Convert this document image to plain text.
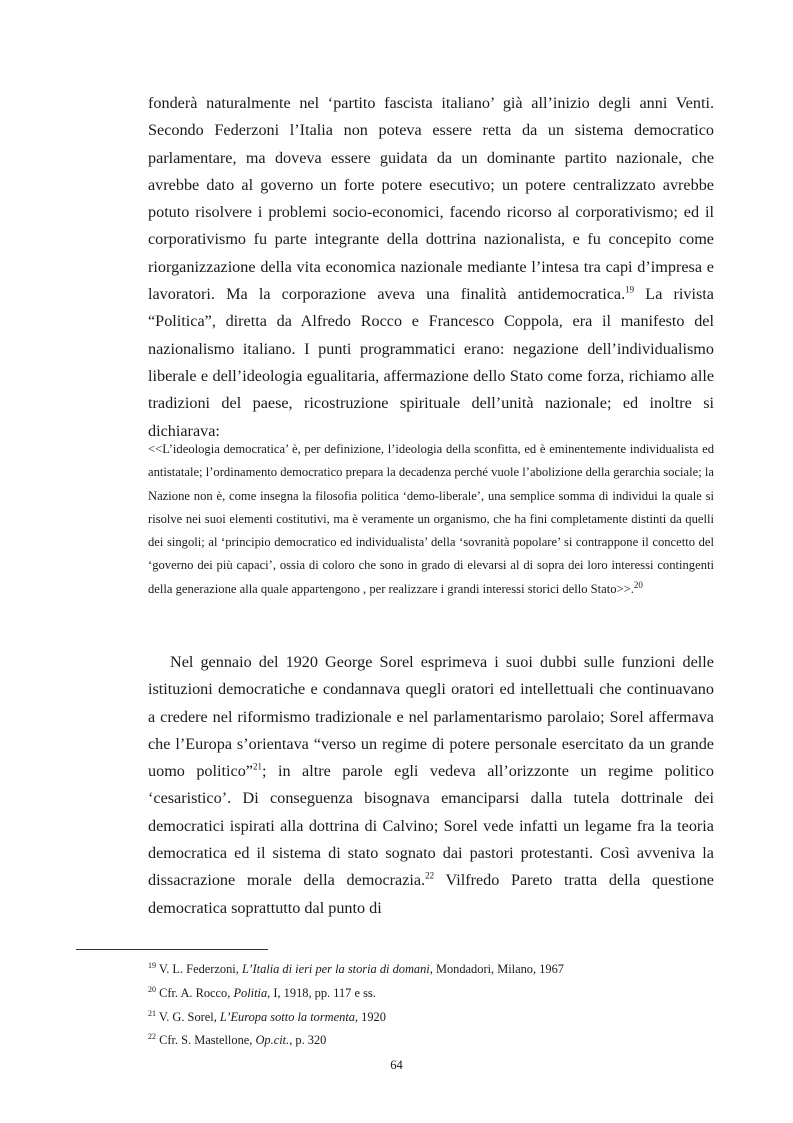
fonderà naturalmente nel ‘partito fascista italiano’ già all’inizio degli anni Venti. Secondo Federzoni l’Italia non poteva essere retta da un sistema democratico parlamentare, ma doveva essere guidata da un dominante partito nazionale, che avrebbe dato al governo un forte potere esecutivo; un potere centralizzato avrebbe potuto risolvere i problemi socio-economici, facendo ricorso al corporativismo; ed il corporativismo fu parte integrante della dottrina nazionalista, e fu concepito come riorganizzazione della vita economica nazionale mediante l’intesa tra capi d’impresa e lavoratori. Ma la corporazione aveva una finalità antidemocratica.$^{19}$ La rivista “Politica”, diretta da Alfredo Rocco e Francesco Coppola, era il manifesto del nazionalismo italiano. I punti programmatici erano: negazione dell’individualismo liberale e dell’ideologia egualitaria, affermazione dello Stato come forza, richiamo alle tradizioni del paese, ricostruzione spirituale dell’unità nazionale; ed inoltre si dichiarava:

<<L’ideologia democratica’ è, per definizione, l’ideologia della sconfitta, ed è eminentemente individualista ed antistatale; l’ordinamento democratico prepara la decadenza perché vuole l’abolizione della gerarchia sociale; la Nazione non è, come insegna la filosofia politica ‘demo-liberale’, una semplice somma di individui la quale si risolve nei suoi elementi costitutivi, ma è veramente un organismo, che ha fini completamente distinti da quelli dei singoli; al ‘principio democratico ed individualista’ della ‘sovranità popolare’ si contrappone il concetto del ‘governo dei più capaci’, ossia di coloro che sono in grado di elevarsi al di sopra dei loro interessi contingenti della generazione alla quale appartengono , per realizzare i grandi interessi storici dello Stato>>.$^{20}$

Nel gennaio del 1920 George Sorel esprimeva i suoi dubbi sulle funzioni delle istituzioni democratiche e condannava quegli oratori ed intellettuali che continuavano a credere nel riformismo tradizionale e nel parlamentarismo parolaio; Sorel affermava che l’Europa s’orientava “verso un regime di potere personale esercitato da un grande uomo politico”$^{21}$; in altre parole egli vedeva all’orizzonte un regime politico ‘cesaristico’. Di conseguenza bisognava emanciparsi dalla tutela dottrinale dei democratici ispirati alla dottrina di Calvino; Sorel vede infatti un legame fra la teoria democratica ed il sistema di stato sognato dai pastori protestanti. Così avveniva la dissacrazione morale della democrazia.$^{22}$ Vilfredo Pareto tratta della questione democratica soprattutto dal punto di

$^{19}$ V. L. Federzoni, L’Italia di ieri per la storia di domani, Mondadori, Milano, 1967

$^{20}$ Cfr. A. Rocco, Politia, I, 1918, pp. 117 e ss.

$^{21}$ V. G. Sorel, L’Europa sotto la tormenta, 1920

$^{22}$ Cfr. S. Mastellone, Op.cit., p. 320

64
